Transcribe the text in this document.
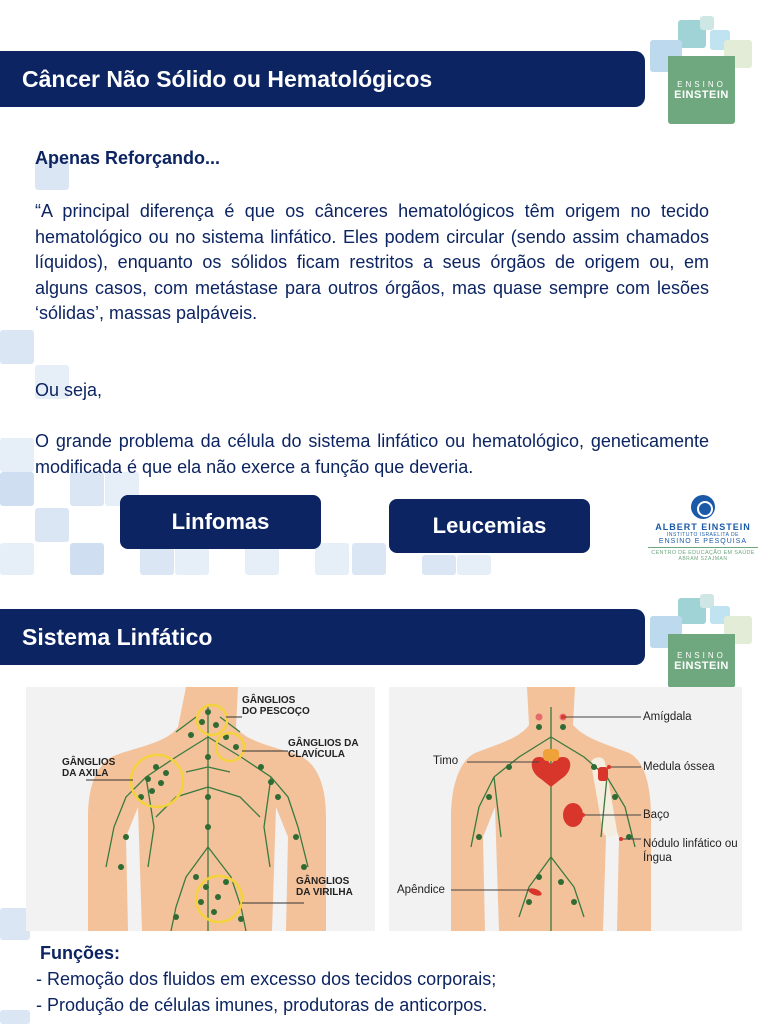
Câncer Não Sólido ou Hematológicos	ENSINO
EINSTEIN
Apenas Reforçando...

“A principal diferença é que os cânceres hematológicos têm origem no tecido hematológico ou no sistema linfático. Eles podem circular (sendo assim chamados líquidos), enquanto os sólidos ficam restritos a seus órgãos de origem ou, em alguns casos, com metástase para outros órgãos, mas quase sempre com lesões ‘sólidas’, massas palpáveis.

Ou seja,

O grande problema da célula do sistema linfático ou hematológico, geneticamente modificada é que ela não exerce a função que deveria.

Linfomas	Leucemias	ALBERT EINSTEIN
INSTITUTO ISRAELITA DE
ENSINO E PESQUISA
CENTRO DE EDUCAÇÃO EM SAÚDE
ABRAM SZAJMAN
Sistema Linfático
ENSINO
EINSTEIN
GÂNGLIOS DO PESCOÇO
GÂNGLIOS DA CLAVÍCULA
GÂNGLIOS DA AXILA
GÂNGLIOS DA VIRILHA
Amígdala
Timo	Medula óssea
Baço
Nódulo linfático ou Íngua
Apêndice
Funções:
- Remoção dos fluidos em excesso dos tecidos corporais;
- Produção de células imunes, produtoras de anticorpos.
